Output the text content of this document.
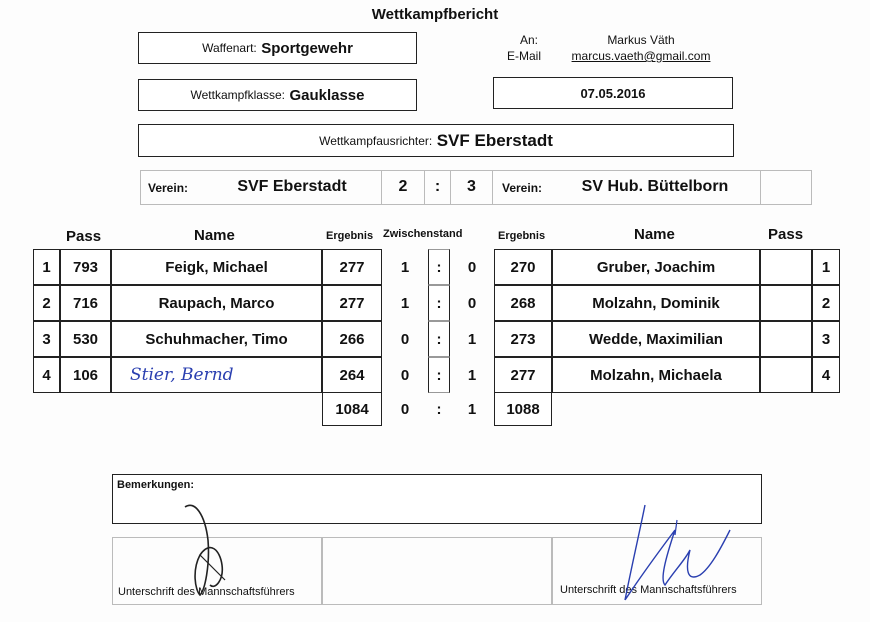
Wettkampfbericht
Waffenart:
Sportgewehr	An:	Markus Väth
E-Mail	marcus.vaeth@gmail.com
Wettkampfklasse:
Gauklasse	07.05.2016
Wettkampfausrichter:
SVF Eberstadt
Verein:	SVF Eberstadt	2	:	3	Verein:	SV Hub. Büttelborn
Pass	Name	Ergebnis Zwischenstand	Ergebnis	Name	Pass
1	793	Feigk, Michael	277	1	:	0	270	Gruber, Joachim	1
2	716	Raupach, Marco	277	1	:	0	268	Molzahn, Dominik	2
3	530	Schuhmacher, Timo	266	0	:	1	273	Wedde, Maximilian	3
4	106	Stier, Bernd	264	0	:	1	277	Molzahn, Michaela	4
1084	0	:	1	1088
Bemerkungen:
Unterschrift des Mannschaftsführers	Unterschrift des Mannschaftsführers
